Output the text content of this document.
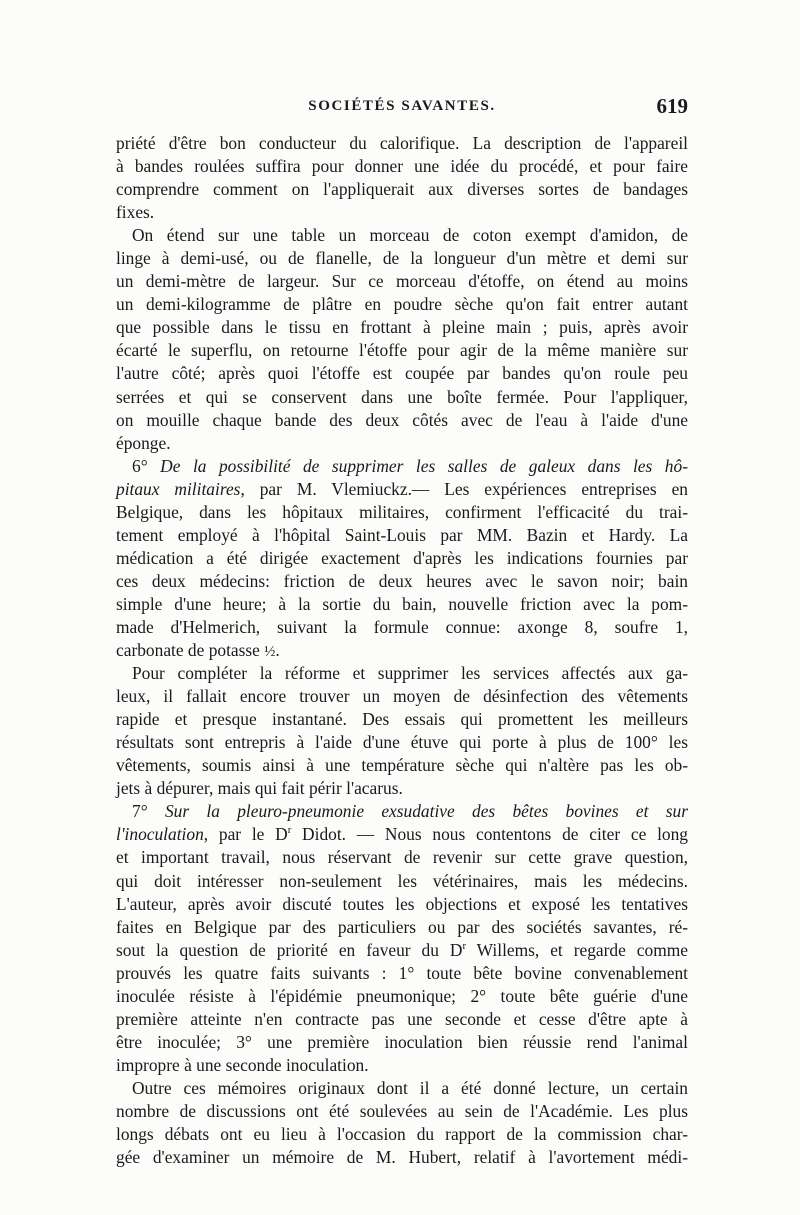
SOCIÉTÉS SAVANTES.	619
priété d'être bon conducteur du calorifique. La description de l'appareil
à bandes roulées suffira pour donner une idée du procédé, et pour faire
comprendre comment on l'appliquerait aux diverses sortes de bandages
fixes.
On étend sur une table un morceau de coton exempt d'amidon, de
linge à demi-usé, ou de flanelle, de la longueur d'un mètre et demi sur
un demi-mètre de largeur. Sur ce morceau d'étoffe, on étend au moins
un demi-kilogramme de plâtre en poudre sèche qu'on fait entrer autant
que possible dans le tissu en frottant à pleine main ; puis, après avoir
écarté le superflu, on retourne l'étoffe pour agir de la même manière sur
l'autre côté; après quoi l'étoffe est coupée par bandes qu'on roule peu
serrées et qui se conservent dans une boîte fermée. Pour l'appliquer,
on mouille chaque bande des deux côtés avec de l'eau à l'aide d'une
éponge.
6° De la possibilité de supprimer les salles de galeux dans les hô-
pitaux militaires, par M. Vlemiuckz.— Les expériences entreprises en
Belgique, dans les hôpitaux militaires, confirment l'efficacité du trai-
tement employé à l'hôpital Saint-Louis par MM. Bazin et Hardy. La
médication a été dirigée exactement d'après les indications fournies par
ces deux médecins: friction de deux heures avec le savon noir; bain
simple d'une heure; à la sortie du bain, nouvelle friction avec la pom-
made d'Helmerich, suivant la formule connue: axonge 8, soufre 1,
carbonate de potasse ½.
Pour compléter la réforme et supprimer les services affectés aux ga-
leux, il fallait encore trouver un moyen de désinfection des vêtements
rapide et presque instantané. Des essais qui promettent les meilleurs
résultats sont entrepris à l'aide d'une étuve qui porte à plus de 100° les
vêtements, soumis ainsi à une température sèche qui n'altère pas les ob-
jets à dépurer, mais qui fait périr l'acarus.
7° Sur la pleuro-pneumonie exsudative des bêtes bovines et sur
l'inoculation, par le $D^r$ Didot. — Nous nous contentons de citer ce long
et important travail, nous réservant de revenir sur cette grave question,
qui doit intéresser non-seulement les vétérinaires, mais les médecins.
L'auteur, après avoir discuté toutes les objections et exposé les tentatives
faites en Belgique par des particuliers ou par des sociétés savantes, ré-
sout la question de priorité en faveur du $D^r$ Willems, et regarde comme
prouvés les quatre faits suivants : 1° toute bête bovine convenablement
inoculée résiste à l'épidémie pneumonique; 2° toute bête guérie d'une
première atteinte n'en contracte pas une seconde et cesse d'être apte à
être inoculée; 3° une première inoculation bien réussie rend l'animal
impropre à une seconde inoculation.
Outre ces mémoires originaux dont il a été donné lecture, un certain
nombre de discussions ont été soulevées au sein de l'Académie. Les plus
longs débats ont eu lieu à l'occasion du rapport de la commission char-
gée d'examiner un mémoire de M. Hubert, relatif à l'avortement médi-
